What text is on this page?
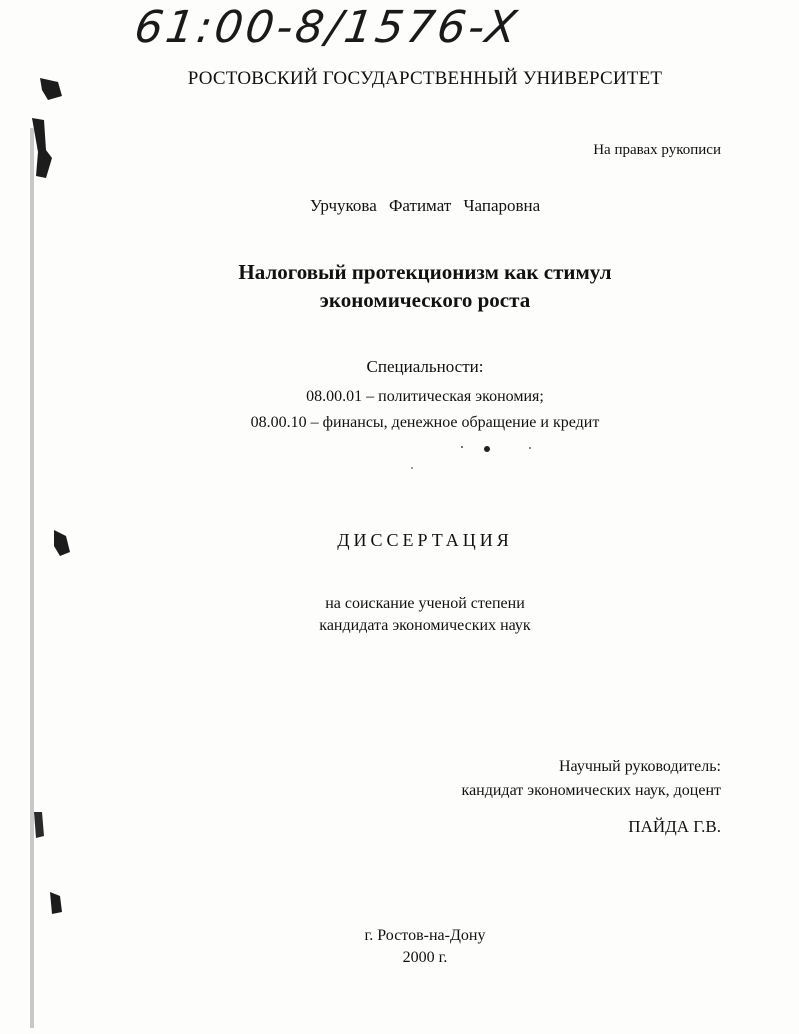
61:00-8/1576-X
РОСТОВСКИЙ ГОСУДАРСТВЕННЫЙ УНИВЕРСИТЕТ
На правах рукописи
Урчукова Фатимат Чапаровна
Налоговый протекционизм как стимул
экономического роста
Специальности:
08.00.01 – политическая экономия;
08.00.10 – финансы, денежное обращение и кредит
ДИССЕРТАЦИЯ
на соискание ученой степени
кандидата экономических наук
Научный руководитель:
кандидат экономических наук, доцент
ПАЙДА Г.В.
г. Ростов-на-Дону
2000 г.
